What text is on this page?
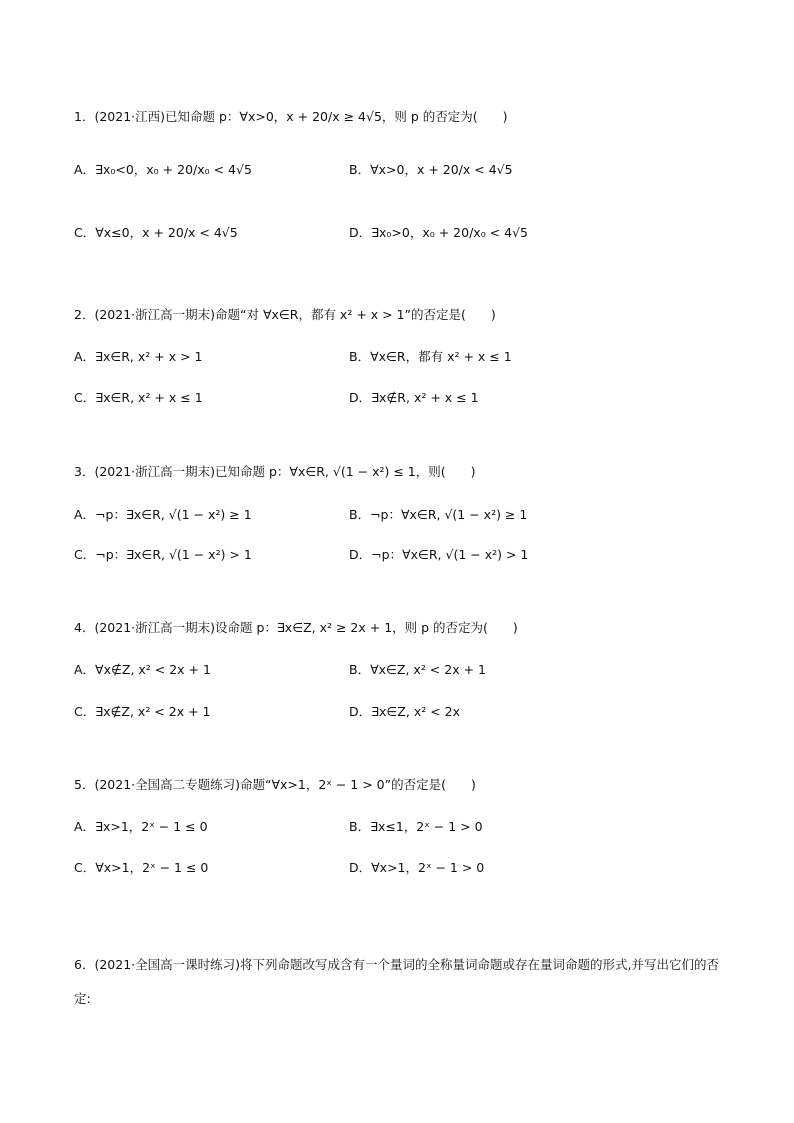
1．(2021·江西)已知命题 p：∀x>0，x + 20/x ≥ 4√5，则 p 的否定为(　　)
A．∃x₀<0，x₀ + 20/x₀ < 4√5	B．∀x>0，x + 20/x < 4√5
C．∀x≤0，x + 20/x < 4√5	D．∃x₀>0，x₀ + 20/x₀ < 4√5
2．(2021·浙江高一期末)命题“对 ∀x∈R，都有 x² + x > 1”的否定是(　　)
A．∃x∈R, x² + x > 1	B．∀x∈R，都有 x² + x ≤ 1
C．∃x∈R, x² + x ≤ 1	D．∃x∉R, x² + x ≤ 1
3．(2021·浙江高一期末)已知命题 p：∀x∈R, √(1 − x²) ≤ 1，则(　　)
A．¬p：∃x∈R, √(1 − x²) ≥ 1	B．¬p：∀x∈R, √(1 − x²) ≥ 1
C．¬p：∃x∈R, √(1 − x²) > 1	D．¬p：∀x∈R, √(1 − x²) > 1
4．(2021·浙江高一期末)设命题 p：∃x∈Z, x² ≥ 2x + 1，则 p 的否定为(　　)
A．∀x∉Z, x² < 2x + 1	B．∀x∈Z, x² < 2x + 1
C．∃x∉Z, x² < 2x + 1	D．∃x∈Z, x² < 2x
5．(2021·全国高二专题练习)命题“∀x>1，2ˣ − 1 > 0”的否定是(　　)
A．∃x>1，2ˣ − 1 ≤ 0	B．∃x≤1，2ˣ − 1 > 0
C．∀x>1，2ˣ − 1 ≤ 0	D．∀x>1，2ˣ − 1 > 0
6．(2021·全国高一课时练习)将下列命题改写成含有一个量词的全称量词命题或存在量词命题的形式,并写出它们的否定:
